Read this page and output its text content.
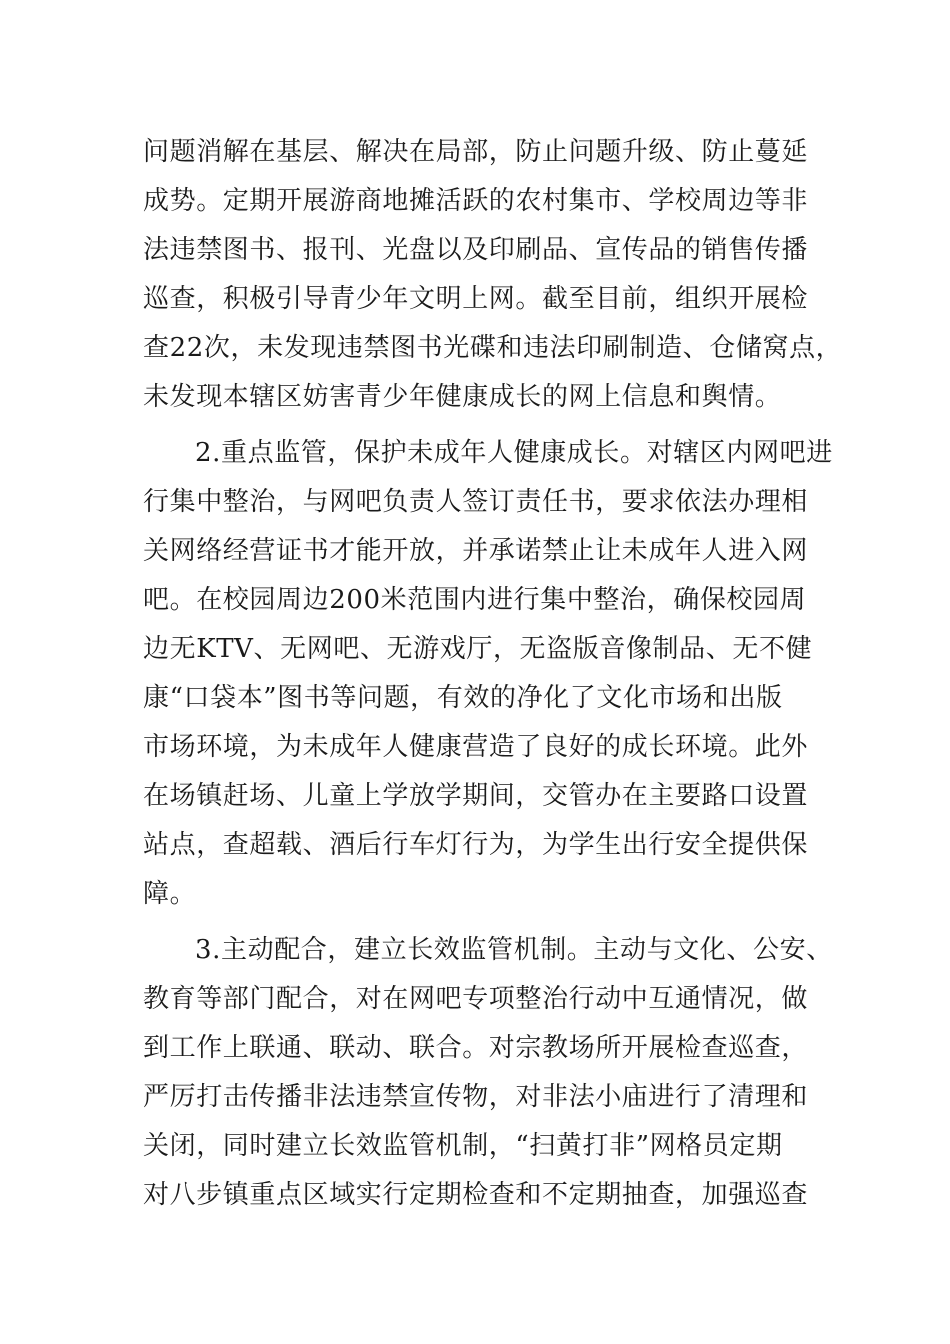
问题消解在基层、解决在局部，防止问题升级、防止蔓延
成势。定期开展游商地摊活跃的农村集市、学校周边等非
法违禁图书、报刊、光盘以及印刷品、宣传品的销售传播
巡查，积极引导青少年文明上网。截至目前，组织开展检
查22次，未发现违禁图书光碟和违法印刷制造、仓储窝点，
未发现本辖区妨害青少年健康成长的网上信息和舆情。
2.重点监管，保护未成年人健康成长。对辖区内网吧进
行集中整治，与网吧负责人签订责任书，要求依法办理相
关网络经营证书才能开放，并承诺禁止让未成年人进入网
吧。在校园周边200米范围内进行集中整治，确保校园周
边无KTV、无网吧、无游戏厅，无盗版音像制品、无不健
康“口袋本”图书等问题，有效的净化了文化市场和出版
市场环境，为未成年人健康营造了良好的成长环境。此外
在场镇赶场、儿童上学放学期间，交管办在主要路口设置
站点，查超载、酒后行车灯行为，为学生出行安全提供保
障。
3.主动配合，建立长效监管机制。主动与文化、公安、
教育等部门配合，对在网吧专项整治行动中互通情况，做
到工作上联通、联动、联合。对宗教场所开展检查巡查，
严厉打击传播非法违禁宣传物，对非法小庙进行了清理和
关闭，同时建立长效监管机制，“扫黄打非”网格员定期
对八步镇重点区域实行定期检查和不定期抽查，加强巡查
